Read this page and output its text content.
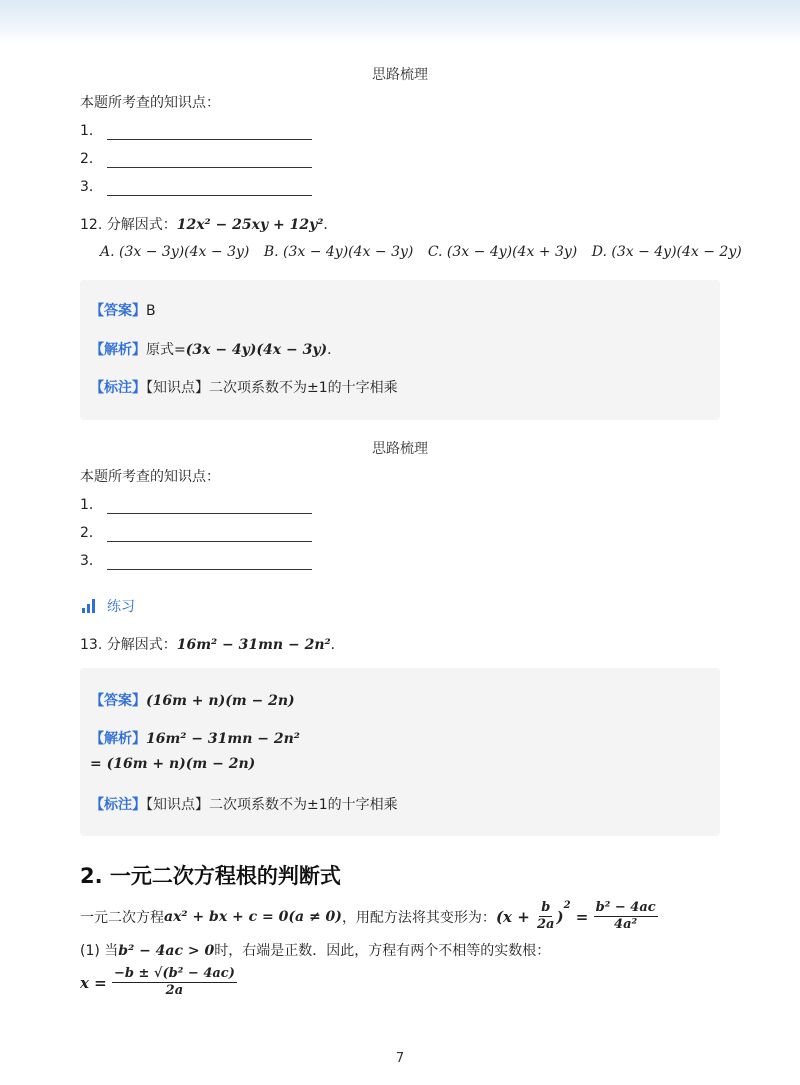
思路梳理
本题所考查的知识点：
1．
2．
3．
12. 分解因式：12x² − 25xy + 12y²．
A. (3x − 3y)(4x − 3y) B. (3x − 4y)(4x − 3y) C. (3x − 4y)(4x + 3y) D. (3x − 4y)(4x − 2y)
【答案】B
【解析】原式=(3x − 4y)(4x − 3y)．
【标注】【知识点】二次项系数不为±1的十字相乘
思路梳理
本题所考查的知识点：
1．
2．
3．
练习
13. 分解因式：16m² − 31mn − 2n²．
【答案】(16m + n)(m − 2n)
【解析】16m² − 31mn − 2n²
= (16m + n)(m − 2n)
【标注】【知识点】二次项系数不为±1的十字相乘
2. 一元二次方程根的判断式
一元二次方程 ax² + bx + c = 0(a ≠ 0) ，用配方法将其变形为： $(x + \frac{b}{2a} )^2 = \frac{\text{b² − 4ac}}{\text{4a²}}$
(1) 当b² − 4ac > 0时，右端是正数．因此，方程有两个不相等的实数根：
$x = \frac{\text{−b ± √(b² − 4ac)}}{2a}$
7
